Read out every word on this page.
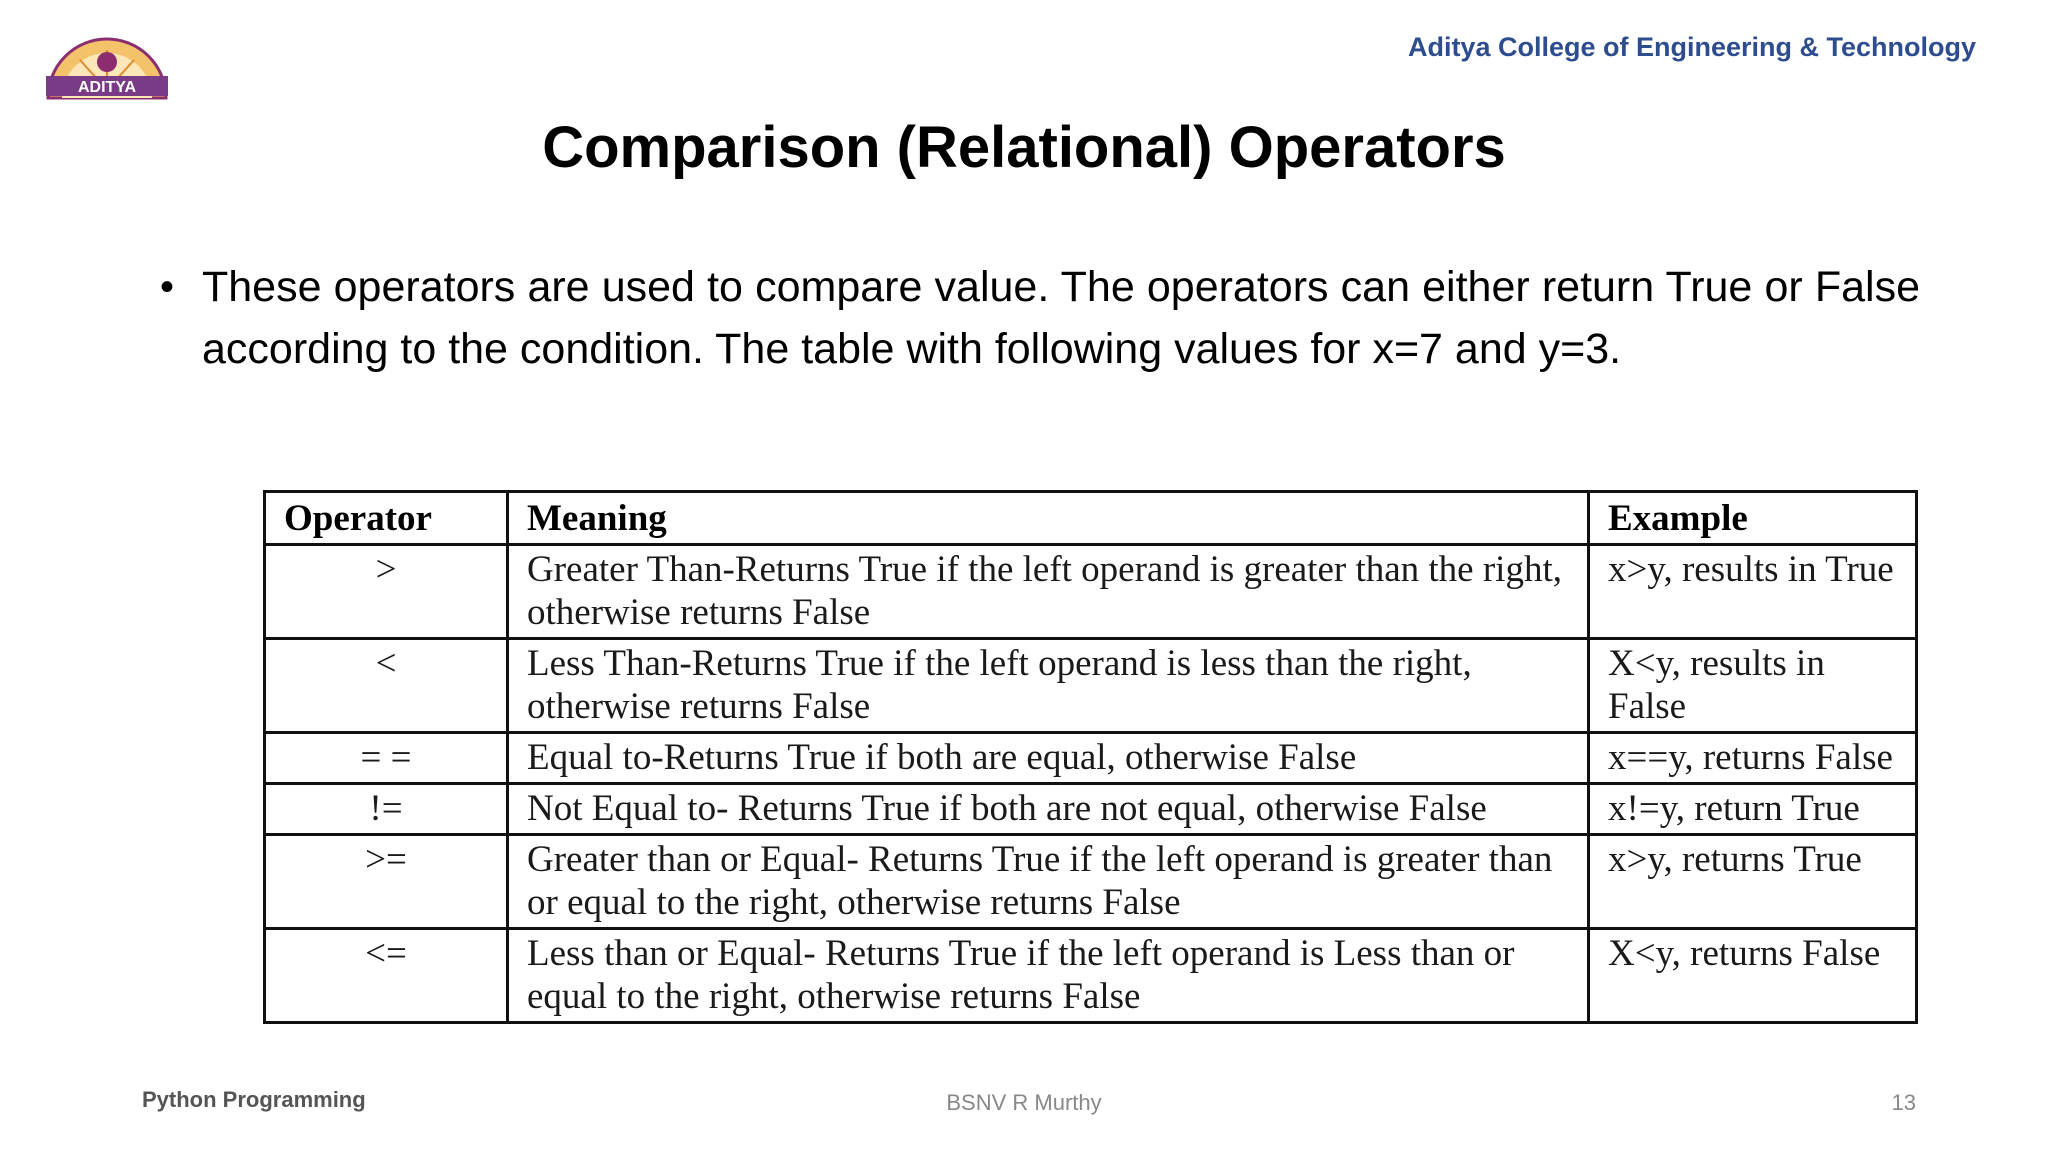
ADITYA
Aditya College of Engineering & Technology
Comparison (Relational) Operators
• These operators are used to compare value. The operators can either return True or False according to the condition. The table with following values for x=7 and y=3.
Operator	Meaning	Example
>	Greater Than-Returns True if the left operand is greater than the right, otherwise returns False	x>y, results in True
<	Less Than-Returns True if the left operand is less than the right, otherwise returns False	X<y, results in False
= =	Equal to-Returns True if both are equal, otherwise False	x==y, returns False
!=	Not Equal to- Returns True if both are not equal, otherwise False	x!=y, return True
>=	Greater than or Equal- Returns True if the left operand is greater than or equal to the right, otherwise returns False	x>y, returns True
<=	Less than or Equal- Returns True if the left operand is Less than or equal to the right, otherwise returns False	X<y, returns False
Python Programming	BSNV R Murthy	13
